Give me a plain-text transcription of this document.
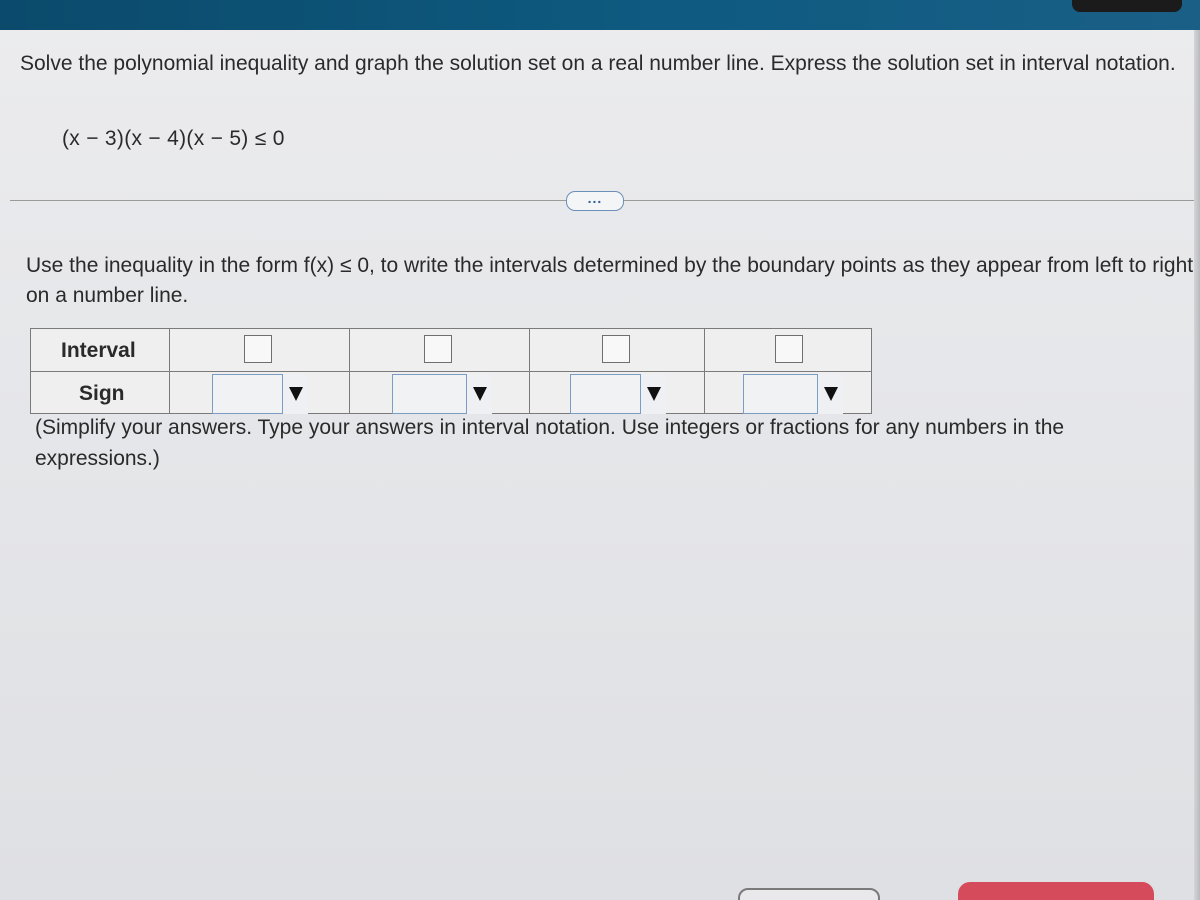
Solve the polynomial inequality and graph the solution set on a real number line. Express the solution set in interval notation.
(x − 3)(x − 4)(x − 5) ≤ 0
...
Use the inequality in the form f(x) ≤ 0, to write the intervals determined by the boundary points as they appear from left to right on a number line.
Interval
Sign
(Simplify your answers. Type your answers in interval notation. Use integers or fractions for any numbers in the expressions.)
